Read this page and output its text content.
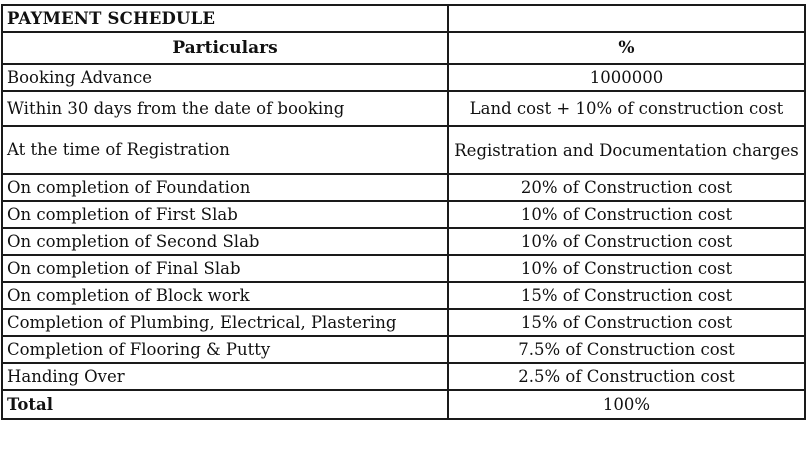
PAYMENT SCHEDULE	
Particulars	%
Booking Advance	1000000
Within 30 days from the date of booking	Land cost + 10% of construction cost
At the time of Registration	Registration and Documentation charges
On completion of Foundation	20% of Construction cost
On completion of First Slab	10% of Construction cost
On completion of Second Slab	10% of Construction cost
On completion of Final Slab	10% of Construction cost
On completion of Block work	15% of Construction cost
Completion of Plumbing, Electrical, Plastering	15% of Construction cost
Completion of Flooring & Putty	7.5% of Construction cost
Handing Over	2.5% of Construction cost
Total	100%
